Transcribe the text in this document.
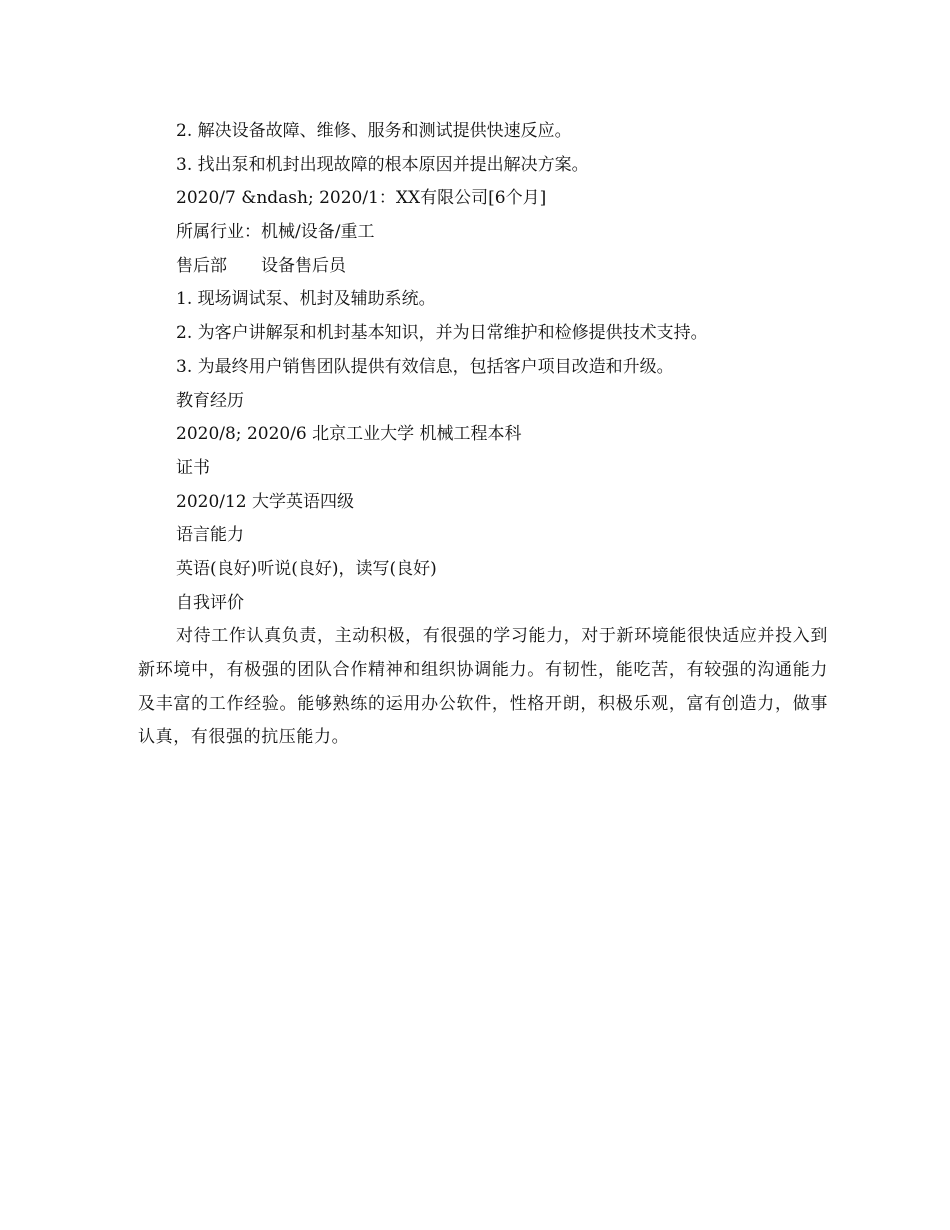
2. 解决设备故障、维修、服务和测试提供快速反应。
3. 找出泵和机封出现故障的根本原因并提出解决方案。
2020/7 &ndash; 2020/1：XX有限公司[6个月]
所属行业：机械/设备/重工
售后部　　设备售后员
1. 现场调试泵、机封及辅助系统。
2. 为客户讲解泵和机封基本知识，并为日常维护和检修提供技术支持。
3. 为最终用户销售团队提供有效信息，包括客户项目改造和升级。
教育经历
2020/8; 2020/6 北京工业大学 机械工程本科
证书
2020/12 大学英语四级
语言能力
英语(良好)听说(良好)，读写(良好)
自我评价

对待工作认真负责，主动积极，有很强的学习能力，对于新环境能很快适应并投入到新环境中，有极强的团队合作精神和组织协调能力。有韧性，能吃苦，有较强的沟通能力及丰富的工作经验。能够熟练的运用办公软件，性格开朗，积极乐观，富有创造力，做事认真，有很强的抗压能力。
